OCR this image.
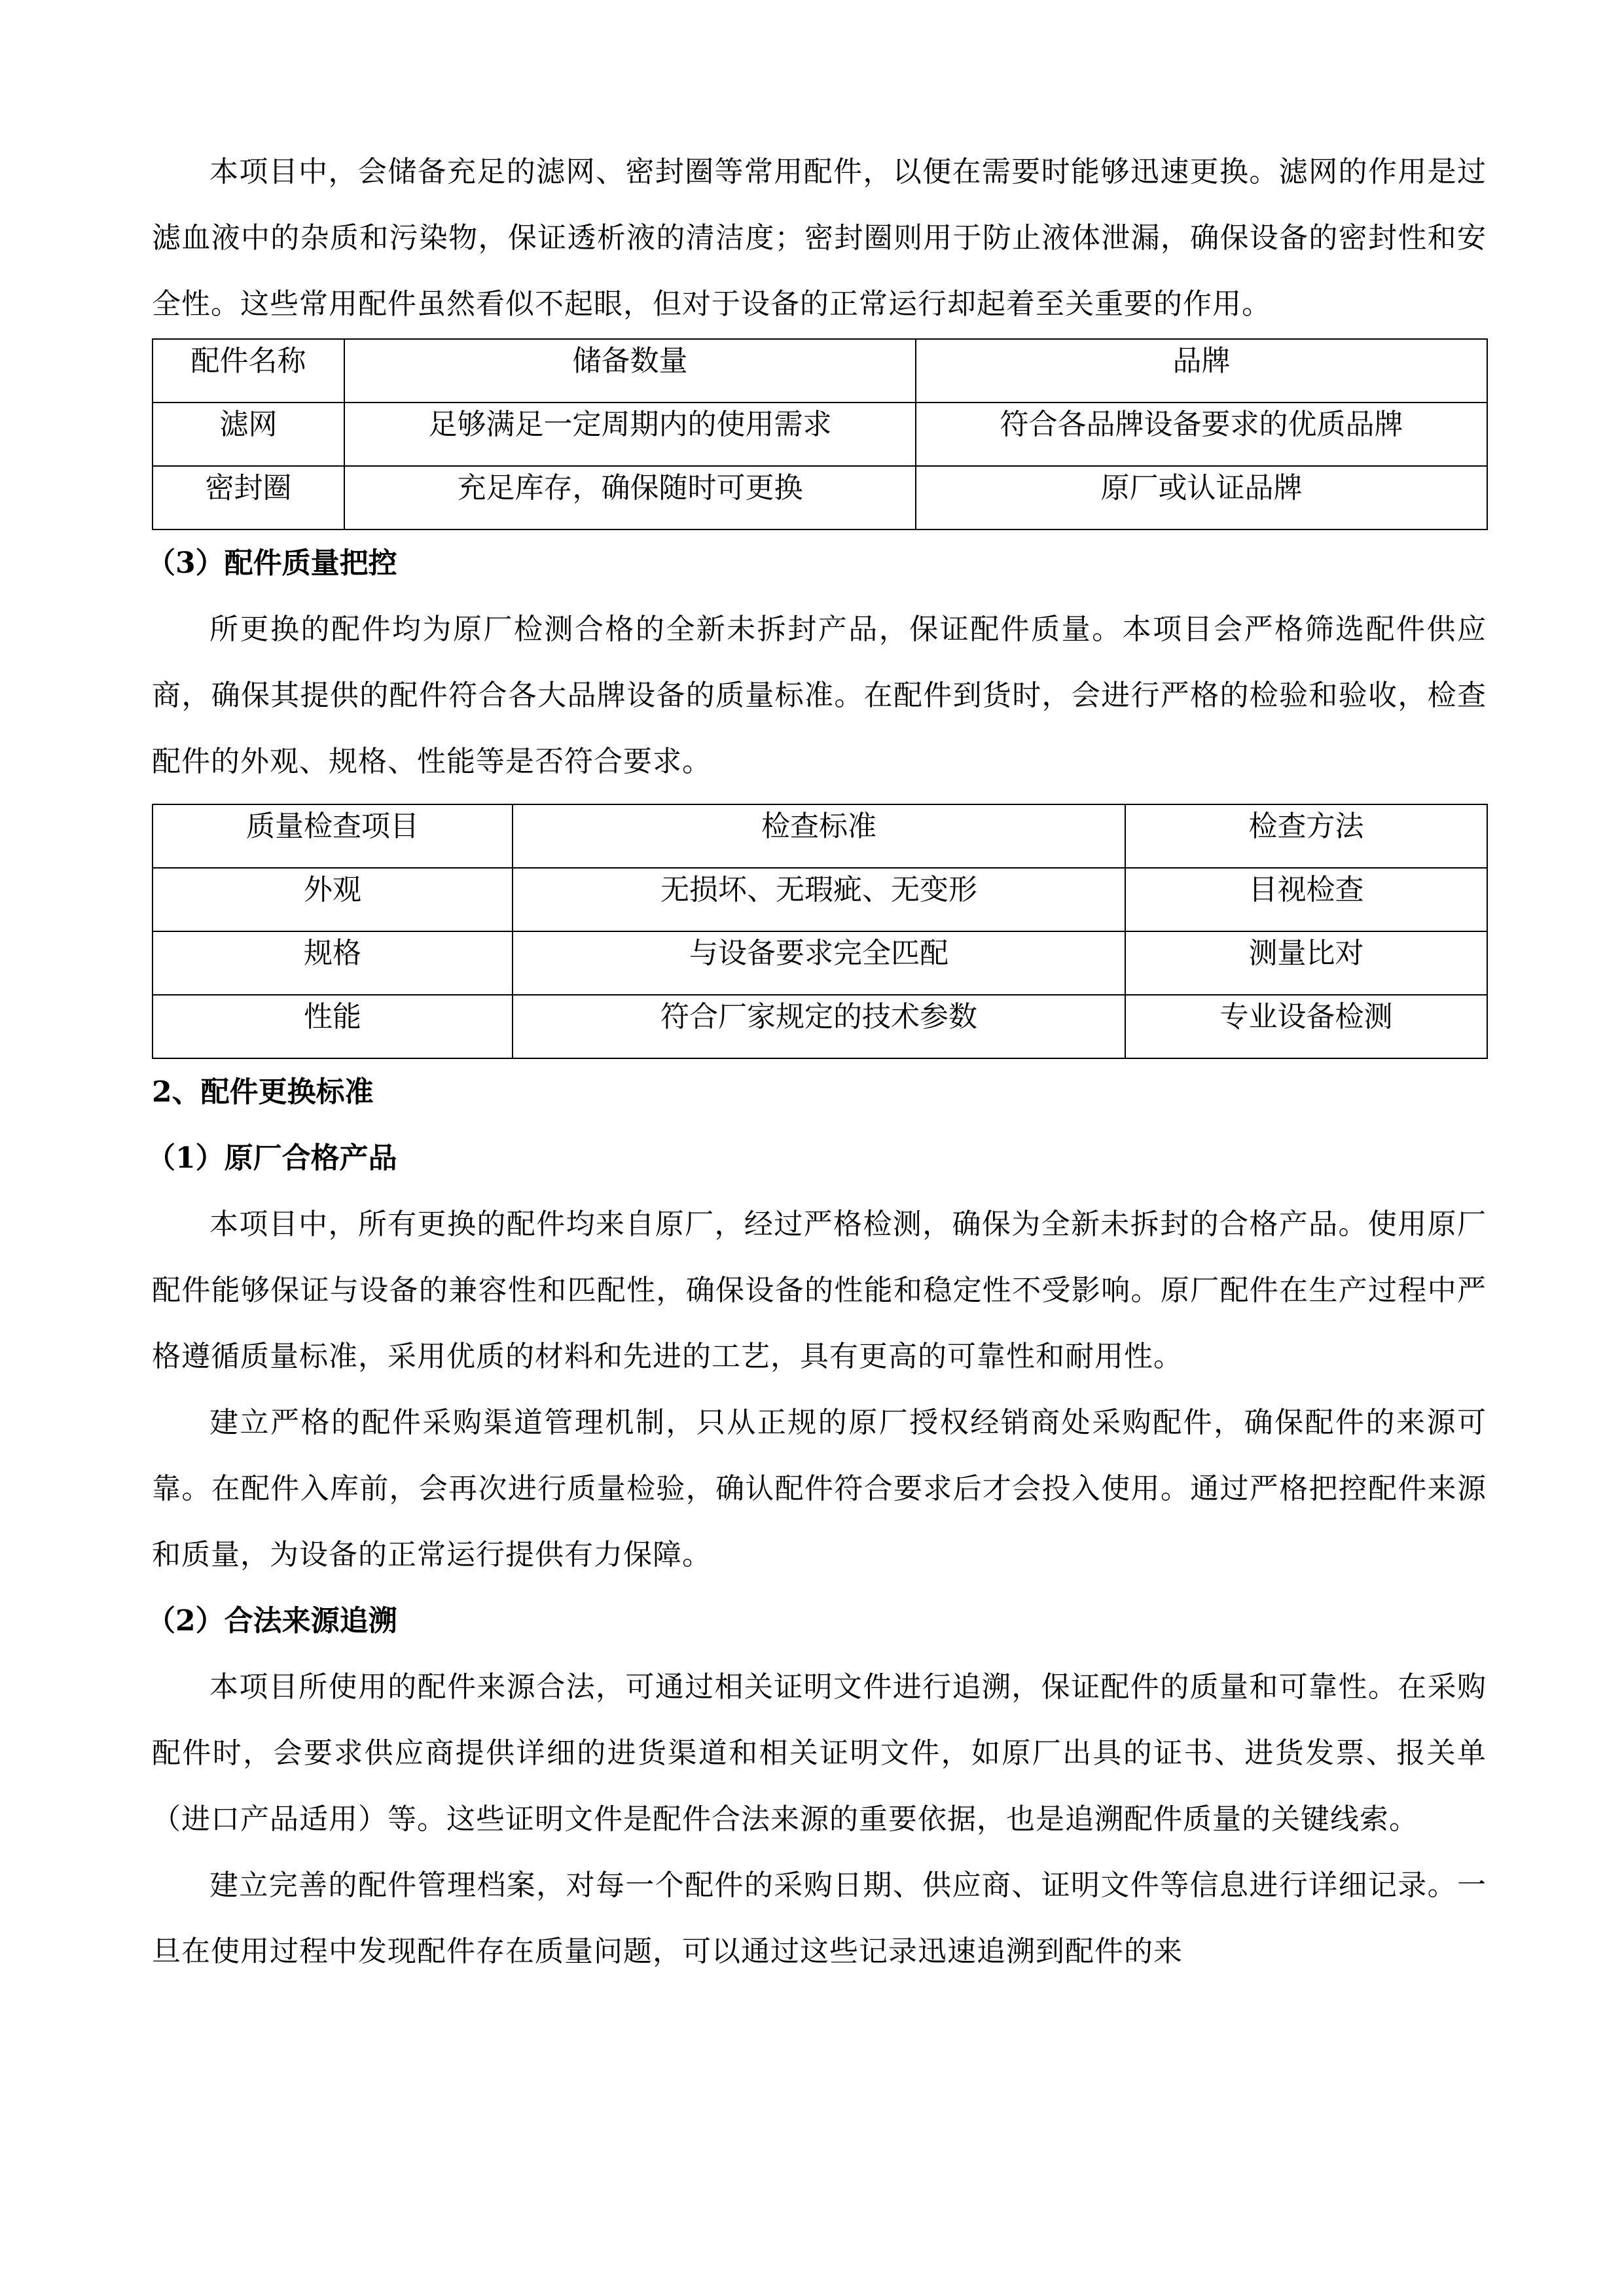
本项目中，会储备充足的滤网、密封圈等常用配件，以便在需要时能够迅速更换。滤网的作用是过滤血液中的杂质和污染物，保证透析液的清洁度；密封圈则用于防止液体泄漏，确保设备的密封性和安全性。这些常用配件虽然看似不起眼，但对于设备的正常运行却起着至关重要的作用。

配件名称	储备数量	品牌
滤网	足够满足一定周期内的使用需求	符合各品牌设备要求的优质品牌
密封圈	充足库存，确保随时可更换	原厂或认证品牌
（3）配件质量把控

所更换的配件均为原厂检测合格的全新未拆封产品，保证配件质量。本项目会严格筛选配件供应商，确保其提供的配件符合各大品牌设备的质量标准。在配件到货时，会进行严格的检验和验收，检查配件的外观、规格、性能等是否符合要求。

质量检查项目	检查标准	检查方法
外观	无损坏、无瑕疵、无变形	目视检查
规格	与设备要求完全匹配	测量比对
性能	符合厂家规定的技术参数	专业设备检测
2、配件更换标准
（1）原厂合格产品

本项目中，所有更换的配件均来自原厂，经过严格检测，确保为全新未拆封的合格产品。使用原厂配件能够保证与设备的兼容性和匹配性，确保设备的性能和稳定性不受影响。原厂配件在生产过程中严格遵循质量标准，采用优质的材料和先进的工艺，具有更高的可靠性和耐用性。

建立严格的配件采购渠道管理机制，只从正规的原厂授权经销商处采购配件，确保配件的来源可靠。在配件入库前，会再次进行质量检验，确认配件符合要求后才会投入使用。通过严格把控配件来源和质量，为设备的正常运行提供有力保障。

（2）合法来源追溯

本项目所使用的配件来源合法，可通过相关证明文件进行追溯，保证配件的质量和可靠性。在采购配件时，会要求供应商提供详细的进货渠道和相关证明文件，如原厂出具的证书、进货发票、报关单（进口产品适用）等。这些证明文件是配件合法来源的重要依据，也是追溯配件质量的关键线索。

建立完善的配件管理档案，对每一个配件的采购日期、供应商、证明文件等信息进行详细记录。一旦在使用过程中发现配件存在质量问题，可以通过这些记录迅速追溯到配件的来
